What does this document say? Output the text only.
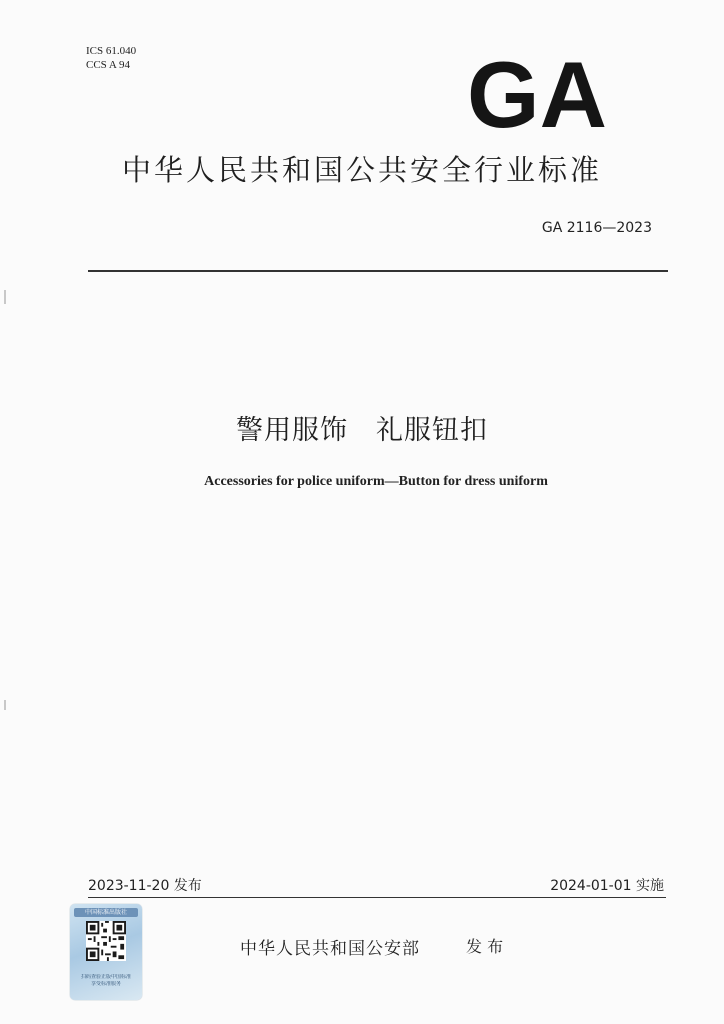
ICS 61.040
CCS A 94	GA
中华人民共和国公共安全行业标准
GA 2116—2023
警用服饰　礼服钮扣
Accessories for police uniform—Button for dress uniform
2023-11-20 发布	2024-01-01 实施
中国标准出版社
扫码查验正版中国标准
享受标准服务
中华人民共和国公安部	发 布
